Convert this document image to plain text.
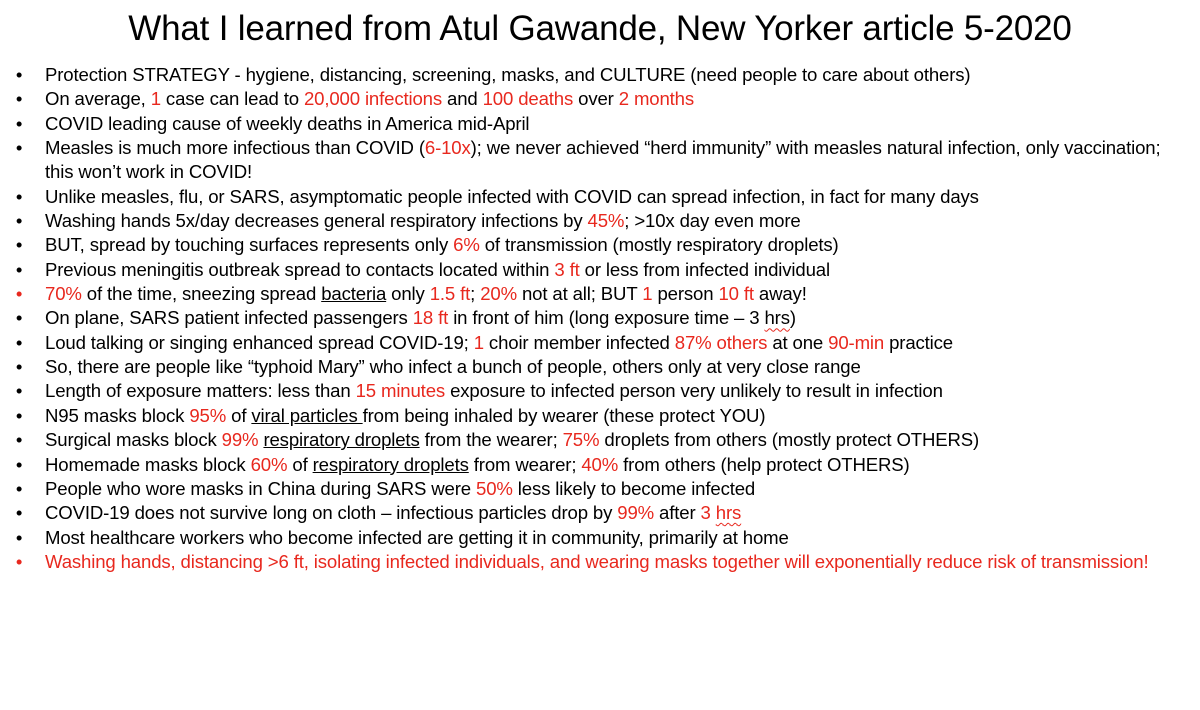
What I learned from Atul Gawande, New Yorker article 5-2020
• Protection STRATEGY - hygiene, distancing, screening, masks, and CULTURE (need people to care about others)
• On average, 1 case can lead to 20,000 infections and 100 deaths over 2 months
• COVID leading cause of weekly deaths in America mid-April
• Measles is much more infectious than COVID (6-10x); we never achieved “herd immunity” with measles natural infection, only vaccination; this won’t work in COVID!
• Unlike measles, flu, or SARS, asymptomatic people infected with COVID can spread infection, in fact for many days
• Washing hands 5x/day decreases general respiratory infections by 45%; >10x day even more
• BUT, spread by touching surfaces represents only 6% of transmission (mostly respiratory droplets)
• Previous meningitis outbreak spread to contacts located within 3 ft or less from infected individual
• 70% of the time, sneezing spread bacteria only 1.5 ft; 20% not at all; BUT 1 person 10 ft away!
• On plane, SARS patient infected passengers 18 ft in front of him (long exposure time – 3 hrs)
• Loud talking or singing enhanced spread COVID-19; 1 choir member infected 87% others at one 90-min practice
• So, there are people like “typhoid Mary” who infect a bunch of people, others only at very close range
• Length of exposure matters: less than 15 minutes exposure to infected person very unlikely to result in infection
• N95 masks block 95% of viral particles from being inhaled by wearer (these protect YOU)
• Surgical masks block 99% respiratory droplets from the wearer; 75% droplets from others (mostly protect OTHERS)
• Homemade masks block 60% of respiratory droplets from wearer; 40% from others (help protect OTHERS)
• People who wore masks in China during SARS were 50% less likely to become infected
• COVID-19 does not survive long on cloth – infectious particles drop by 99% after 3 hrs
• Most healthcare workers who become infected are getting it in community, primarily at home
• Washing hands, distancing >6 ft, isolating infected individuals, and wearing masks together will exponentially reduce risk of transmission!
